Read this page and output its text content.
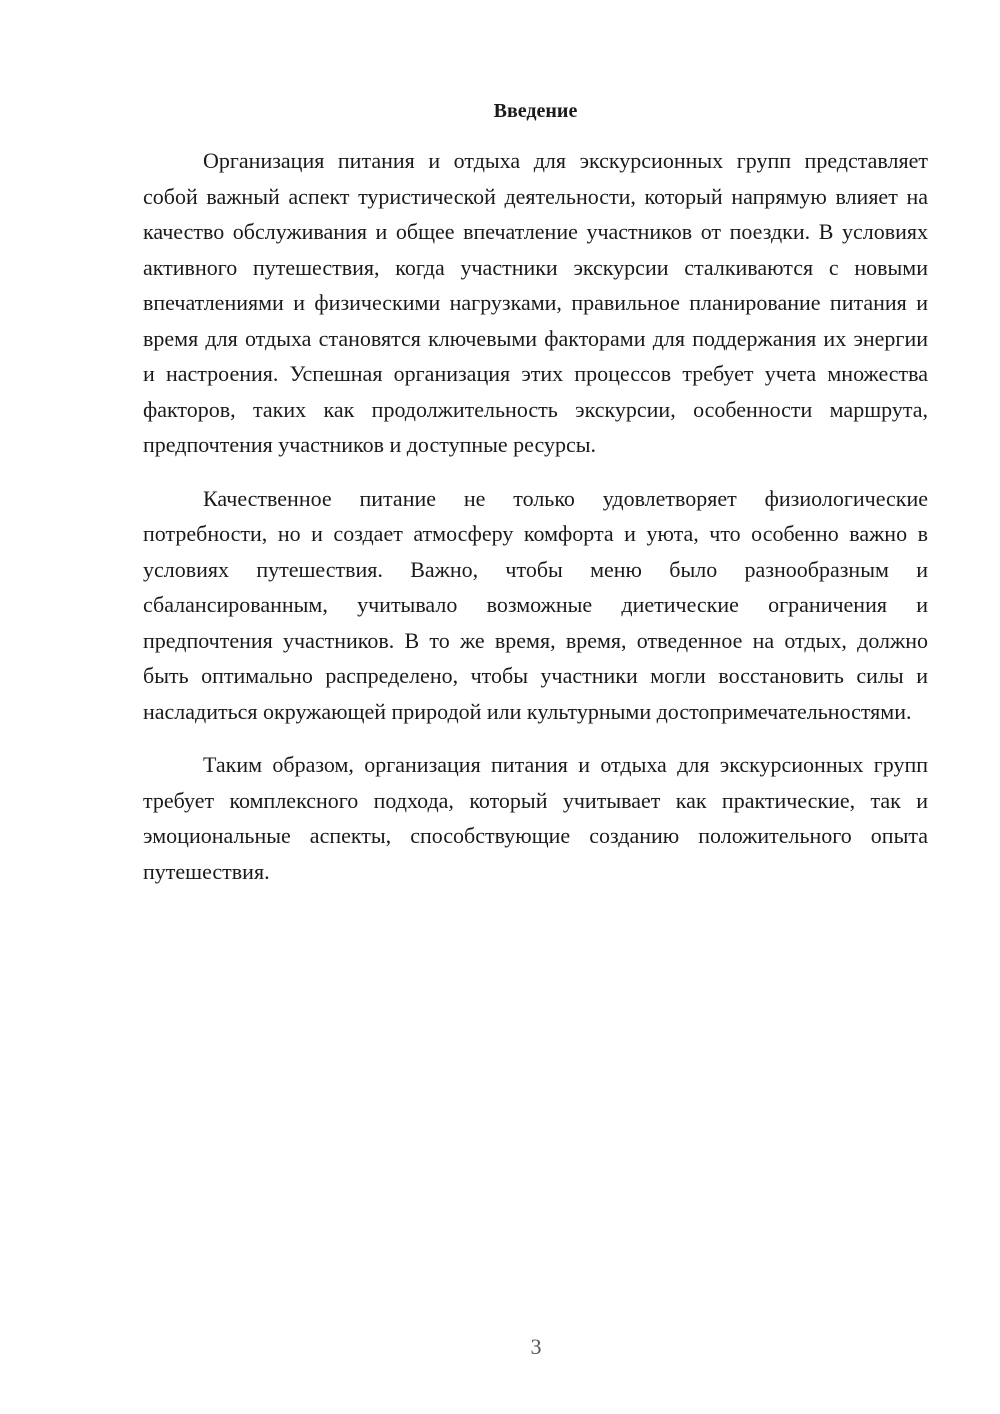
Введение

Организация питания и отдыха для экскурсионных групп представляет собой важный аспект туристической деятельности, который напрямую влияет на качество обслуживания и общее впечатление участников от поездки. В условиях активного путешествия, когда участники экскурсии сталкиваются с новыми впечатлениями и физическими нагрузками, правильное планирование питания и время для отдыха становятся ключевыми факторами для поддержания их энергии и настроения. Успешная организация этих процессов требует учета множества факторов, таких как продолжительность экскурсии, особенности маршрута, предпочтения участников и доступные ресурсы.

Качественное питание не только удовлетворяет физиологические потребности, но и создает атмосферу комфорта и уюта, что особенно важно в условиях путешествия. Важно, чтобы меню было разнообразным и сбалансированным, учитывало возможные диетические ограничения и предпочтения участников. В то же время, время, отведенное на отдых, должно быть оптимально распределено, чтобы участники могли восстановить силы и насладиться окружающей природой или культурными достопримечательностями.

Таким образом, организация питания и отдыха для экскурсионных групп требует комплексного подхода, который учитывает как практические, так и эмоциональные аспекты, способствующие созданию положительного опыта путешествия.

3
